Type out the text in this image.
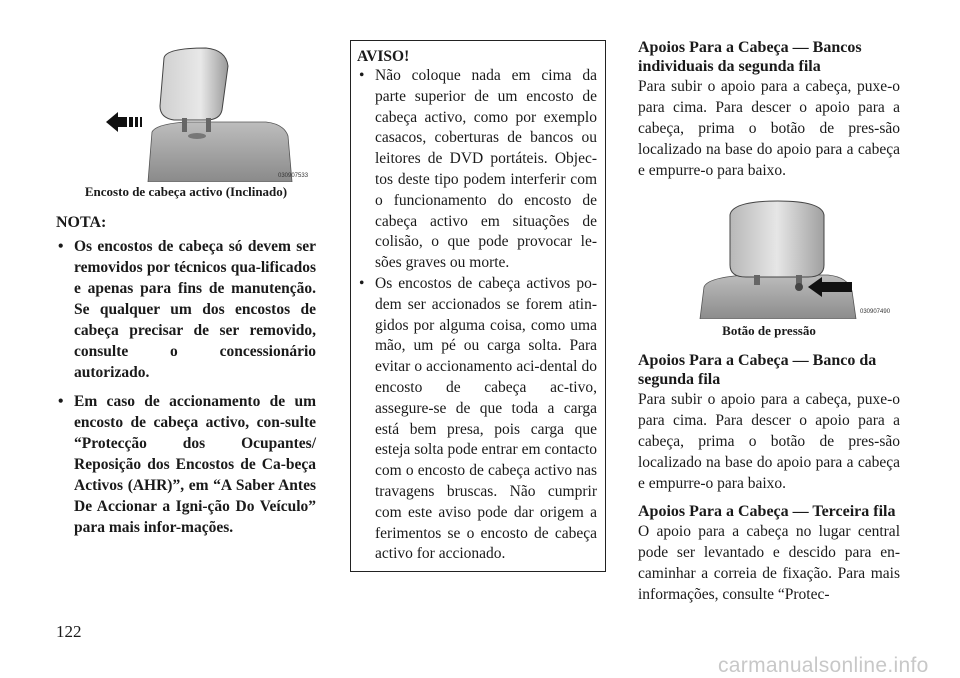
030907533
Encosto de cabeça activo (Inclinado)
NOTA:
• Os encostos de cabeça só devem ser removidos por técnicos qua-lificados e apenas para fins de manutenção. Se qualquer um dos encostos de cabeça precisar de ser removido, consulte o concessionário autorizado.
• Em caso de accionamento de um encosto de cabeça activo, con-sulte “Protecção dos Ocupantes/ Reposição dos Encostos de Ca-beça Activos (AHR)”, em “A Saber Antes De Accionar a Igni-ção Do Veículo” para mais infor-mações.
AVISO!
• Não coloque nada em cima da parte superior de um encosto de cabeça activo, como por exemplo casacos, coberturas de bancos ou leitores de DVD portáteis. Objec-tos deste tipo podem interferir com o funcionamento do encosto de cabeça activo em situações de colisão, o que pode provocar le-sões graves ou morte.
• Os encostos de cabeça activos po-dem ser accionados se forem atin-gidos por alguma coisa, como uma mão, um pé ou carga solta. Para evitar o accionamento aci-dental do encosto de cabeça ac-tivo, assegure-se de que toda a carga está bem presa, pois carga que esteja solta pode entrar em contacto com o encosto de cabeça activo nas travagens bruscas. Não cumprir com este aviso pode dar origem a ferimentos se o encosto de cabeça activo for accionado.
Apoios Para a Cabeça — Bancos individuais da segunda fila

Para subir o apoio para a cabeça, puxe-o para cima. Para descer o apoio para a cabeça, prima o botão de pres-são localizado na base do apoio para a cabeça e empurre-o para baixo.

030907490
Botão de pressão
Apoios Para a Cabeça — Banco da segunda fila

Para subir o apoio para a cabeça, puxe-o para cima. Para descer o apoio para a cabeça, prima o botão de pres-são localizado na base do apoio para a cabeça e empurre-o para baixo.

Apoios Para a Cabeça — Terceira fila

O apoio para a cabeça no lugar central pode ser levantado e descido para en-caminhar a correia de fixação. Para mais informações, consulte “Protec-

122
carmanualsonline.info
